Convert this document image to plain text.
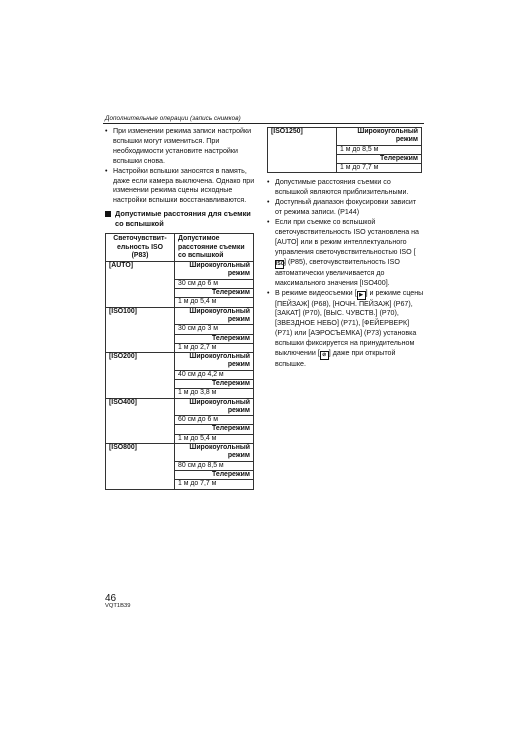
Дополнительные операции (запись снимков)

• При изменении режима записи настройки вспышки могут измениться. При необходимости установите настройки вспышки снова.

• Настройки вспышки заносятся в память, даже если камера выключена. Однако при изменении режима сцены исходные настройки вспышки восстанавливаются.

Допустимые расстояния для съемки со вспышкой
Светочувствит-ельность ISO (P83)	Допустимое расстояние съемки со вспышкой
[AUTO]	Широкоугольный режим
	30 см до 6 м
	Телережим
	1 м до 5,4 м
[ISO100]	Широкоугольный режим
	30 см до 3 м
	Телережим
	1 м до 2,7 м
[ISO200]	Широкоугольный режим
	40 см до 4,2 м
	Телережим
	1 м до 3,8 м
[ISO400]	Широкоугольный режим
	60 см до 6 м
	Телережим
	1 м до 5,4 м
[ISO800]	Широкоугольный режим
	80 см до 8,5 м
	Телережим
	1 м до 7,7 м
[ISO1250]	Широкоугольный режим
1 м до 8,5 м
Телережим
1 м до 7,7 м

• Допустимые расстояния съемки со вспышкой являются приблизительными.

• Доступный диапазон фокусировки зависит от режима записи. (P144)

• Если при съемке со вспышкой светочувствительность ISO установлена на [AUTO] или в режим интеллектуального управления светочувствительностью ISO [ISO] (P85), светочувствительность ISO автоматически увеличивается до максимального значения [ISO400].

• В режиме видеосъемки [ ▶ ] и режиме сцены [ПЕЙЗАЖ] (P68), [НОЧН. ПЕЙЗАЖ] (P67), [ЗАКАТ] (P70), [ВЫС. ЧУВСТВ.] (P70), [ЗВЕЗДНОЕ НЕБО] (P71), [ФЕЙЕРВЕРК] (P71) или [АЭРОСЪЕМКА] (P73) установка вспышки фиксируется на принудительном выключении [ ⊘ ] даже при открытой вспышке.

46
VQT1B39
